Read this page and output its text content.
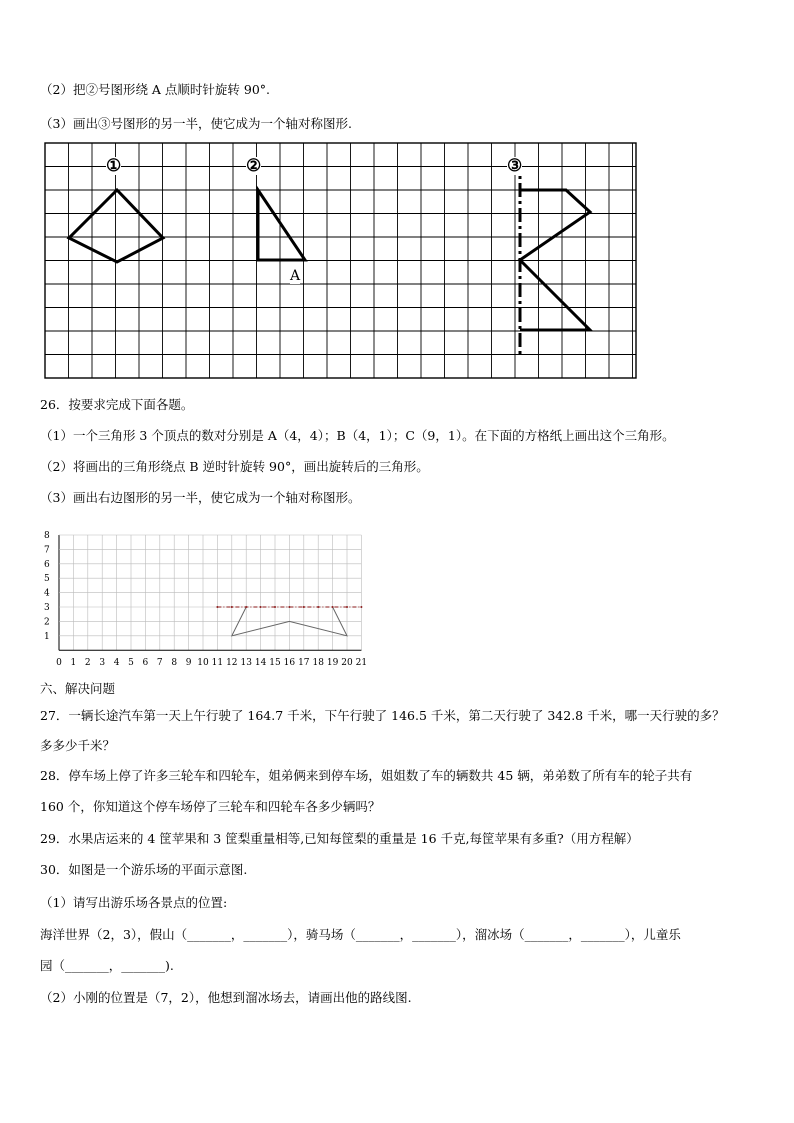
（2）把②号图形绕 A 点顺时针旋转 90°.
（3）画出③号图形的另一半，使它成为一个轴对称图形.
①	②	③
A
26．按要求完成下面各题。
（1）一个三角形 3 个顶点的数对分别是 A（4，4）；B（4，1）；C（9，1）。在下面的方格纸上画出这个三角形。
（2）将画出的三角形绕点 B 逆时针旋转 90°，画出旋转后的三角形。
（3）画出右边图形的另一半，使它成为一个轴对称图形。
8
7
6
5
4
3
2
1
0 1 2 3 4 5 6 7 8 9 10 11 12 13 14 15 16 17 18 19 20 21
六、解决问题
27．一辆长途汽车第一天上午行驶了 164.7 千米，下午行驶了 146.5 千米，第二天行驶了 342.8 千米，哪一天行驶的多？
多多少千米？
28．停车场上停了许多三轮车和四轮车，姐弟俩来到停车场，姐姐数了车的辆数共 45 辆，弟弟数了所有车的轮子共有
160 个，你知道这个停车场停了三轮车和四轮车各多少辆吗？
29．水果店运来的 4 筐苹果和 3 筐梨重量相等,已知每筐梨的重量是 16 千克,每筐苹果有多重?（用方程解）
30．如图是一个游乐场的平面示意图.
（1）请写出游乐场各景点的位置:
海洋世界（2，3），假山（_______，_______），骑马场（_______，_______），溜冰场（_______，_______），儿童乐
园（_______，_______).
（2）小刚的位置是（7，2），他想到溜冰场去，请画出他的路线图.
